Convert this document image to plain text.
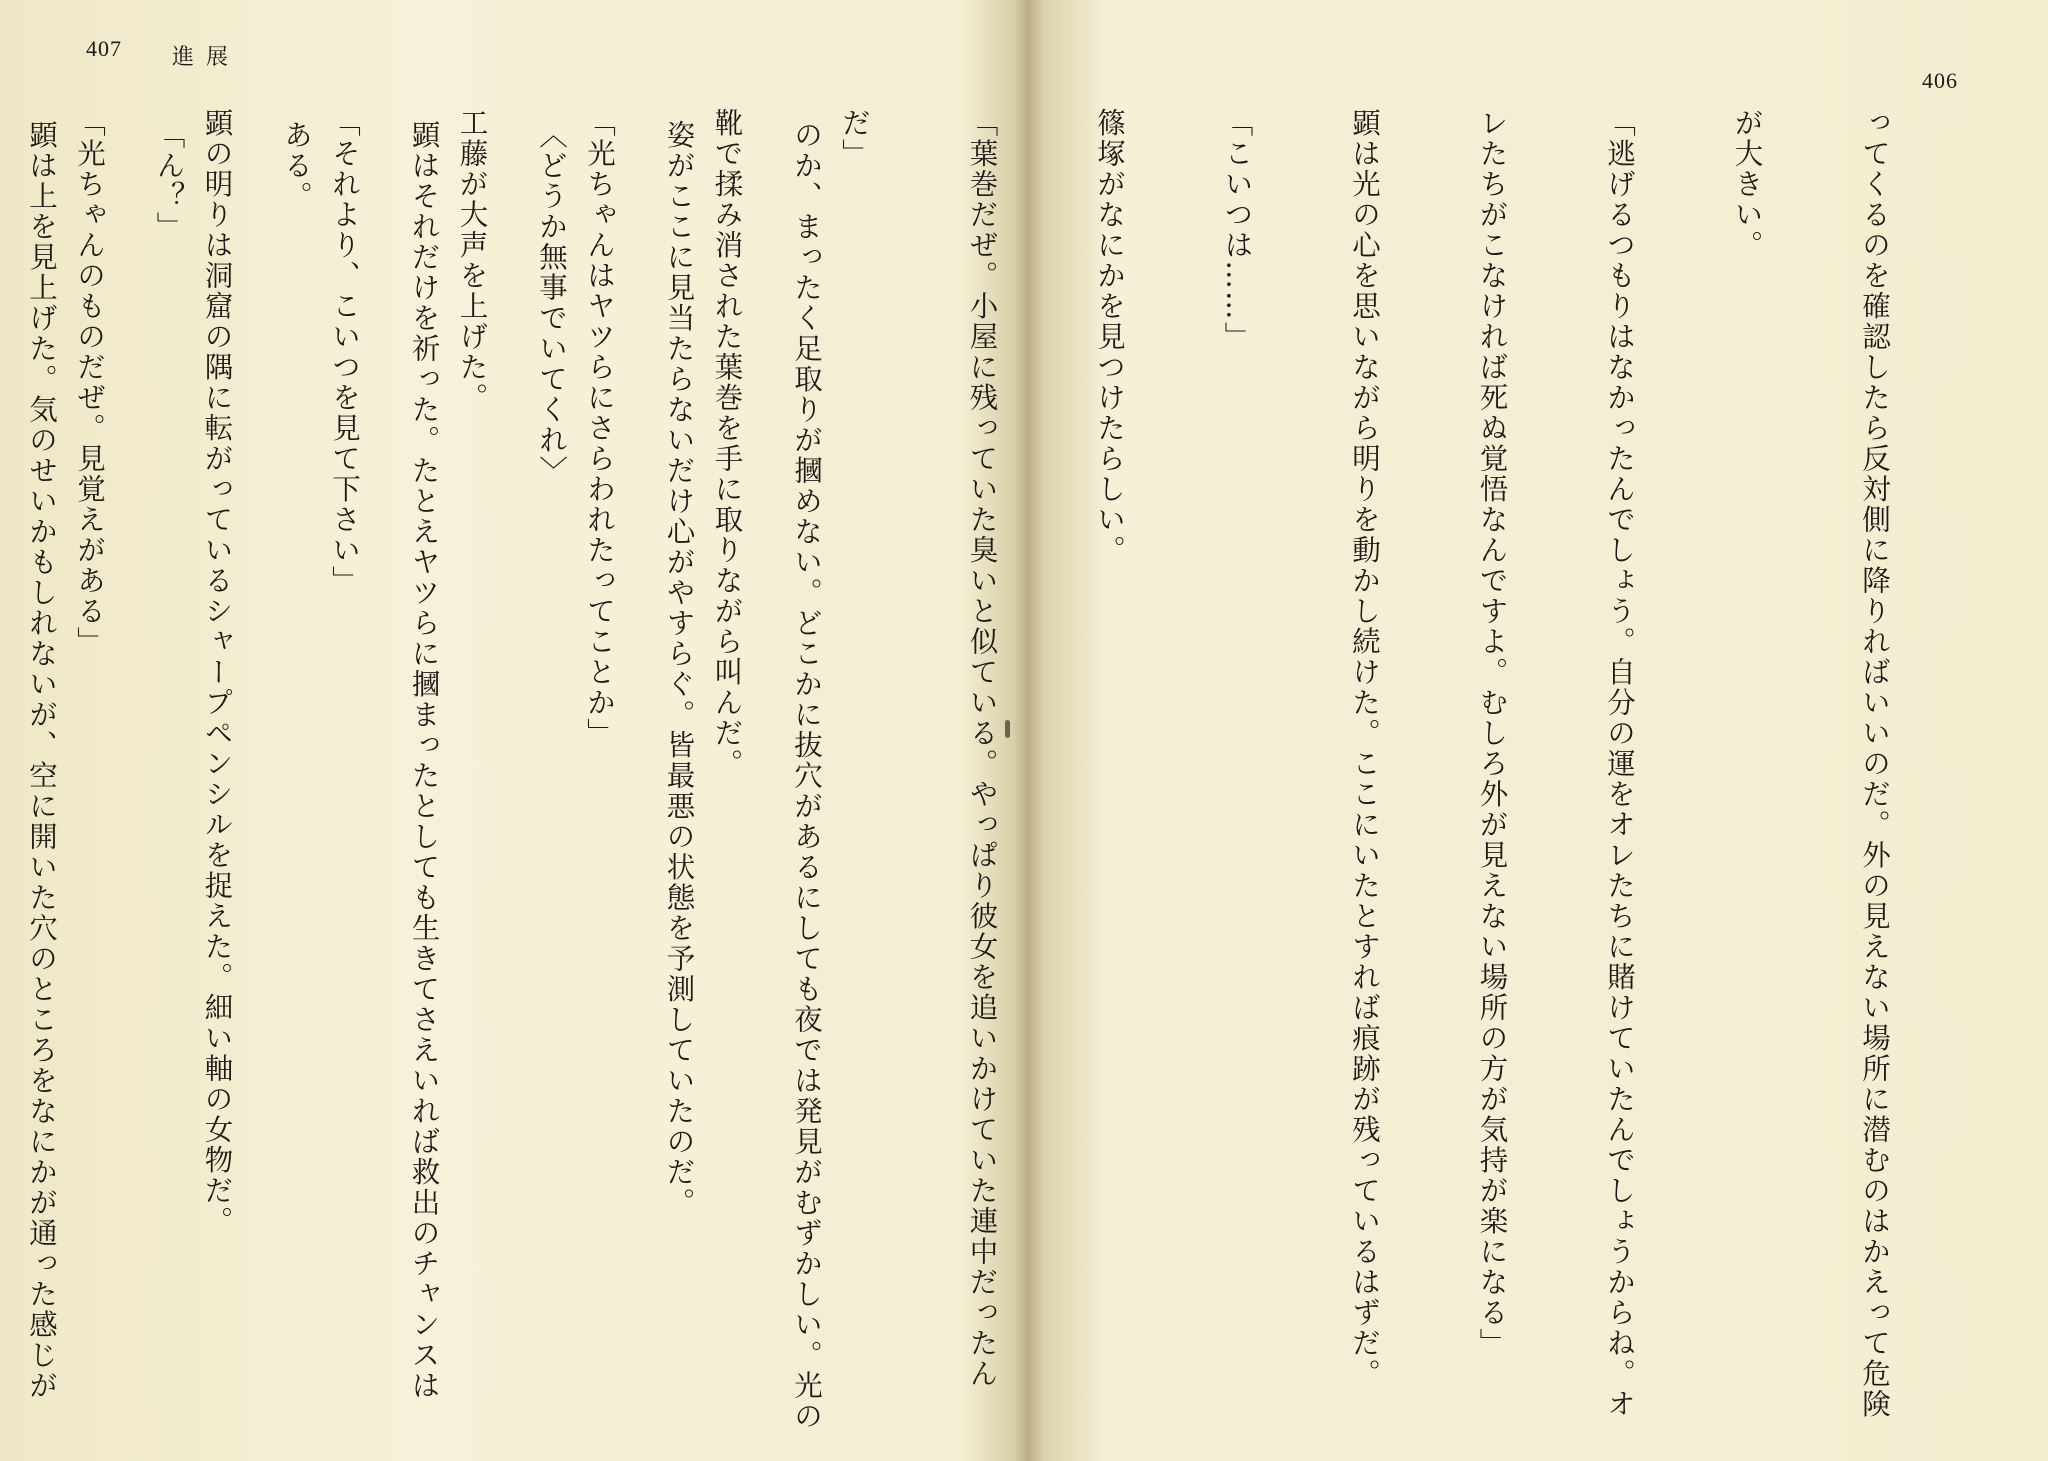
407 進展

のか、まったく足取りが摑めない。どこかに抜穴があるにしても夜では発見がむずかしい。光の

姿がここに見当たらないだけ心がやすらぐ。皆最悪の状態を予測していたのだ。

〈どうか無事でいてくれ〉

顕はそれだけを祈った。たとえヤツらに摑まったとしても生きてさえいれば救出のチャンスは

ある。

「ん？」

顕は上を見上げた。気のせいかもしれないが、空に開いた穴のところをなにかが通った感じが

406

ってくるのを確認したら反対側に降りればいいのだ。外の見えない場所に潜むのはかえって危険

が大きい。

「逃げるつもりはなかったんでしょう。自分の運をオレたちに賭けていたんでしょうからね。オ

レたちがこなければ死ぬ覚悟なんですよ。むしろ外が見えない場所の方が気持が楽になる」

顕は光の心を思いながら明りを動かし続けた。ここにいたとすれば痕跡が残っているはずだ。

「こいつは……」

篠塚がなにかを見つけたらしい。

「葉巻だぜ。小屋に残っていた臭いと似ている。やっぱり彼女を追いかけていた連中だったん

だ」

靴で揉み消された葉巻を手に取りながら叫んだ。

「光ちゃんはヤツらにさらわれたってことか」

工藤が大声を上げた。

「それより、こいつを見て下さい」

顕の明りは洞窟の隅に転がっているシャープペンシルを捉えた。細い軸の女物だ。

「光ちゃんのものだぜ。見覚えがある」
